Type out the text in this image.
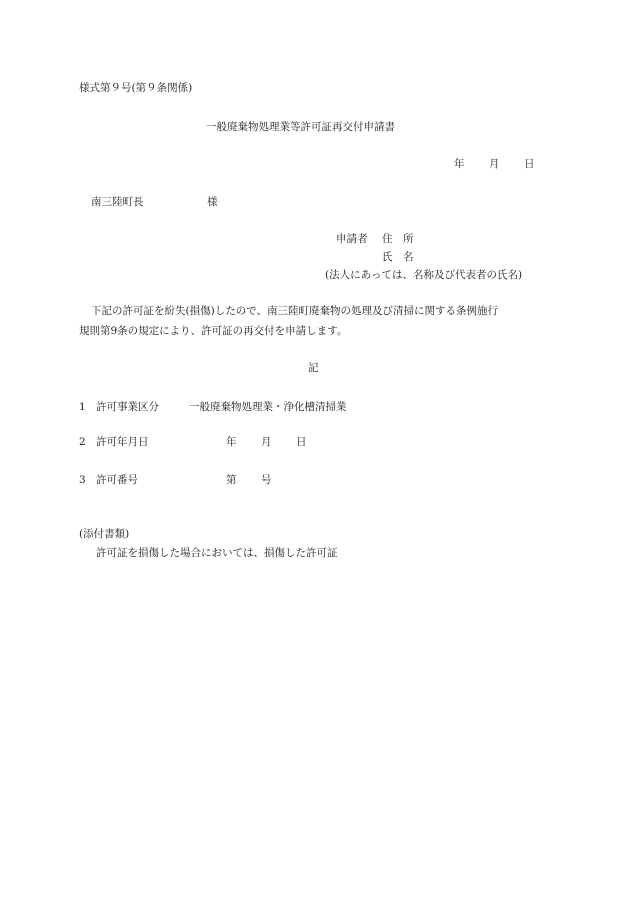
様式第９号(第９条関係)
一般廃棄物処理業等許可証再交付申請書
年 月 日
南三陸町長	様
申請者 住　所
氏　名
(法人にあっては、名称及び代表者の氏名)
下記の許可証を紛失(損傷)したので、南三陸町廃棄物の処理及び清掃に関する条例施行
規則第9条の規定により、許可証の再交付を申請します。
記
1 許可事業区分	一般廃棄物処理業・浄化槽清掃業
2 許可年月日	年 月 日
3 許可番号	第 号
(添付書類)
許可証を損傷した場合においては、損傷した許可証
